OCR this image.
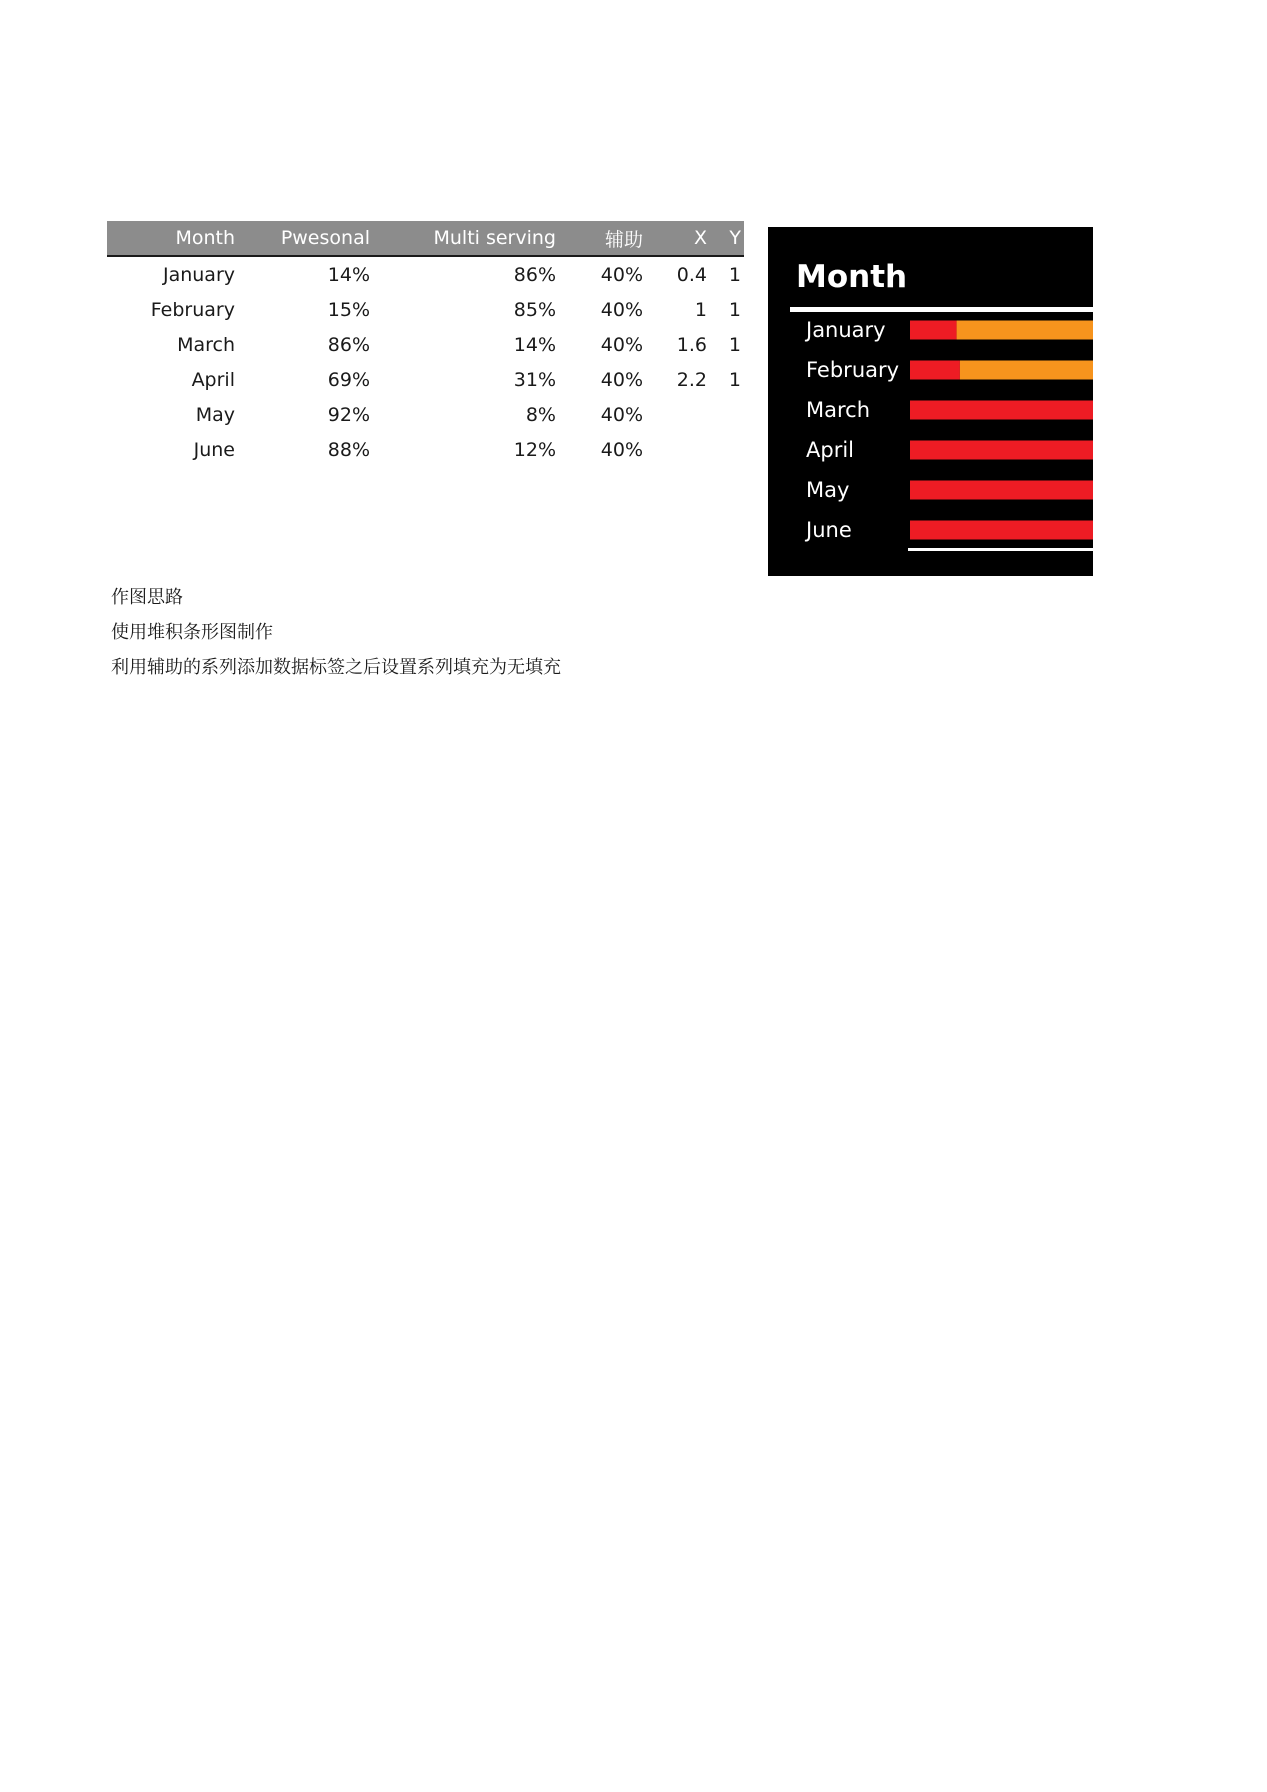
Month	Pwesonal	Multi serving	辅助	X	Y
January	14%	86%	40%	0.4	1
February	15%	85%	40%	1	1
March	86%	14%	40%	1.6	1
April	69%	31%	40%	2.2	1
May	92%	8%	40%		
June	88%	12%	40%		
作图思路
使用堆积条形图制作
利用辅助的系列添加数据标签之后设置系列填充为无填充
Month
January
February
March
April
May
June
